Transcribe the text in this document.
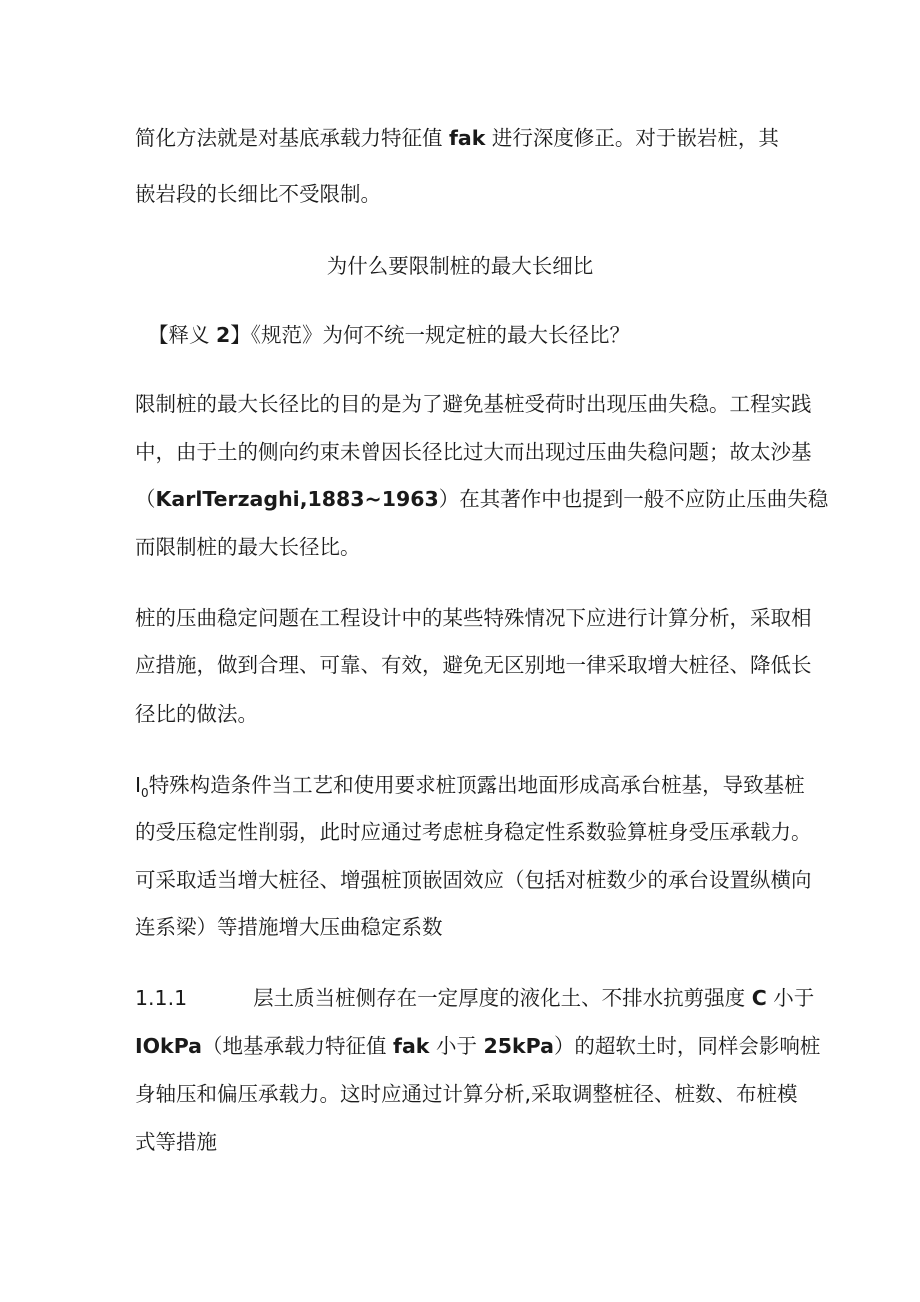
简化方法就是对基底承载力特征值 fak 进行深度修正。对于嵌岩桩，其
嵌岩段的长细比不受限制。
为什么要限制桩的最大长细比
【释义 2】《规范》为何不统一规定桩的最大长径比？
限制桩的最大长径比的目的是为了避免基桩受荷时出现压曲失稳。工程实践
中，由于土的侧向约束未曾因长径比过大而出现过压曲失稳问题；故太沙基
（KarlTerzaghi,1883~1963）在其著作中也提到一般不应防止压曲失稳
而限制桩的最大长径比。
桩的压曲稳定问题在工程设计中的某些特殊情况下应进行计算分析，采取相
应措施，做到合理、可靠、有效，避免无区别地一律采取增大桩径、降低长
径比的做法。
$I_0$特殊构造条件当工艺和使用要求桩顶露出地面形成高承台桩基，导致基桩
的受压稳定性削弱，此时应通过考虑桩身稳定性系数验算桩身受压承载力。
可采取适当增大桩径、增强桩顶嵌固效应（包括对桩数少的承台设置纵横向
连系梁）等措施增大压曲稳定系数
1.1.1	层土质当桩侧存在一定厚度的液化土、不排水抗剪强度 C 小于
IOkPa（地基承载力特征值 fak 小于 25kPa）的超软土时，同样会影响桩
身轴压和偏压承载力。这时应通过计算分析,采取调整桩径、桩数、布桩模
式等措施
